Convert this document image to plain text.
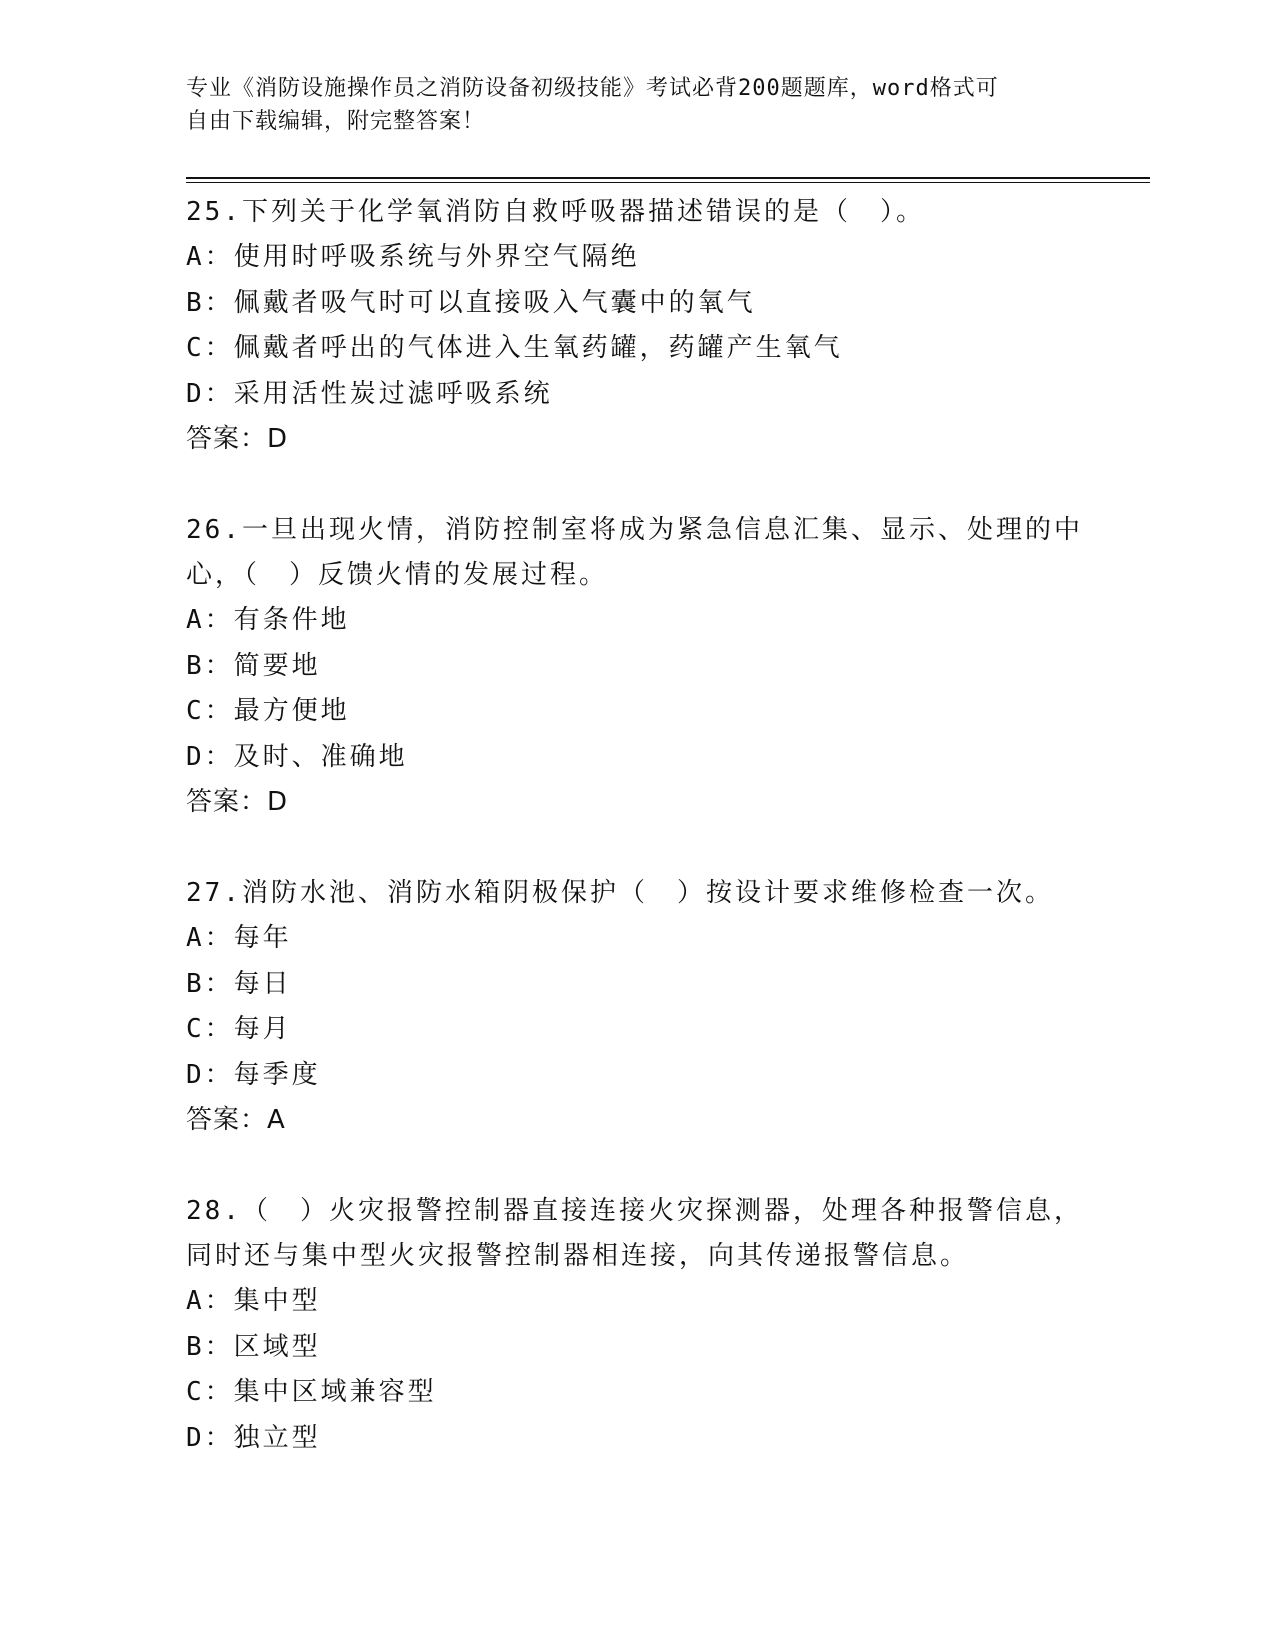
专业《消防设施操作员之消防设备初级技能》考试必背200题题库，word格式可
自由下载编辑，附完整答案！

25.下列关于化学氧消防自救呼吸器描述错误的是（　）。

A：使用时呼吸系统与外界空气隔绝

B：佩戴者吸气时可以直接吸入气囊中的氧气

C：佩戴者呼出的气体进入生氧药罐，药罐产生氧气

D：采用活性炭过滤呼吸系统

答案：D

26.一旦出现火情，消防控制室将成为紧急信息汇集、显示、处理的中

心，（　）反馈火情的发展过程。

A：有条件地

B：简要地

C：最方便地

D：及时、准确地

答案：D

27.消防水池、消防水箱阴极保护（　）按设计要求维修检查一次。

A：每年

B：每日

C：每月

D：每季度

答案：A

28.（　）火灾报警控制器直接连接火灾探测器，处理各种报警信息，

同时还与集中型火灾报警控制器相连接，向其传递报警信息。

A：集中型

B：区域型

C：集中区域兼容型

D：独立型
